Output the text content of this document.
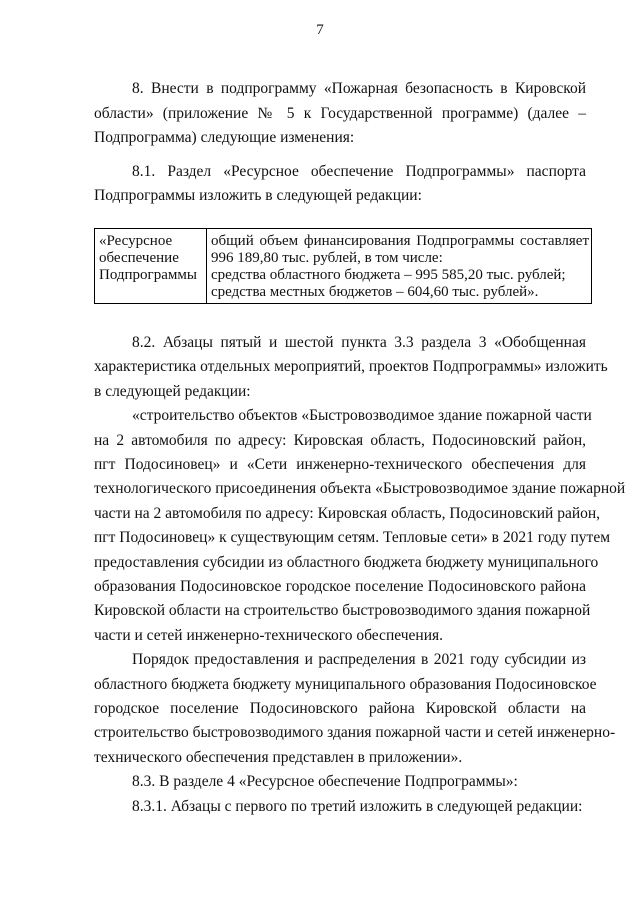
7
8. Внести в подпрограмму «Пожарная безопасность в Кировской
области» (приложение № 5 к Государственной программе) (далее –
Подпрограмма) следующие изменения:
8.1. Раздел «Ресурсное обеспечение Подпрограммы» паспорта
Подпрограммы изложить в следующей редакции:
«Ресурсное
обеспечение
Подпрограммы
общий объем финансирования Подпрограммы составляет
996 189,80 тыс. рублей, в том числе:
средства областного бюджета – 995 585,20 тыс. рублей;
средства местных бюджетов – 604,60 тыс. рублей».
8.2. Абзацы пятый и шестой пункта 3.3 раздела 3 «Обобщенная
характеристика отдельных мероприятий, проектов Подпрограммы» изложить
в следующей редакции:
«строительство объектов «Быстровозводимое здание пожарной части
на 2 автомобиля по адресу: Кировская область, Подосиновский район,
пгт Подосиновец» и «Сети инженерно-технического обеспечения для
технологического присоединения объекта «Быстровозводимое здание пожарной
части на 2 автомобиля по адресу: Кировская область, Подосиновский район,
пгт Подосиновец» к существующим сетям. Тепловые сети» в 2021 году путем
предоставления субсидии из областного бюджета бюджету муниципального
образования Подосиновское городское поселение Подосиновского района
Кировской области на строительство быстровозводимого здания пожарной
части и сетей инженерно-технического обеспечения.
Порядок предоставления и распределения в 2021 году субсидии из
областного бюджета бюджету муниципального образования Подосиновское
городское поселение Подосиновского района Кировской области на
строительство быстровозводимого здания пожарной части и сетей инженерно-
технического обеспечения представлен в приложении».
8.3. В разделе 4 «Ресурсное обеспечение Подпрограммы»:
8.3.1. Абзацы с первого по третий изложить в следующей редакции:
